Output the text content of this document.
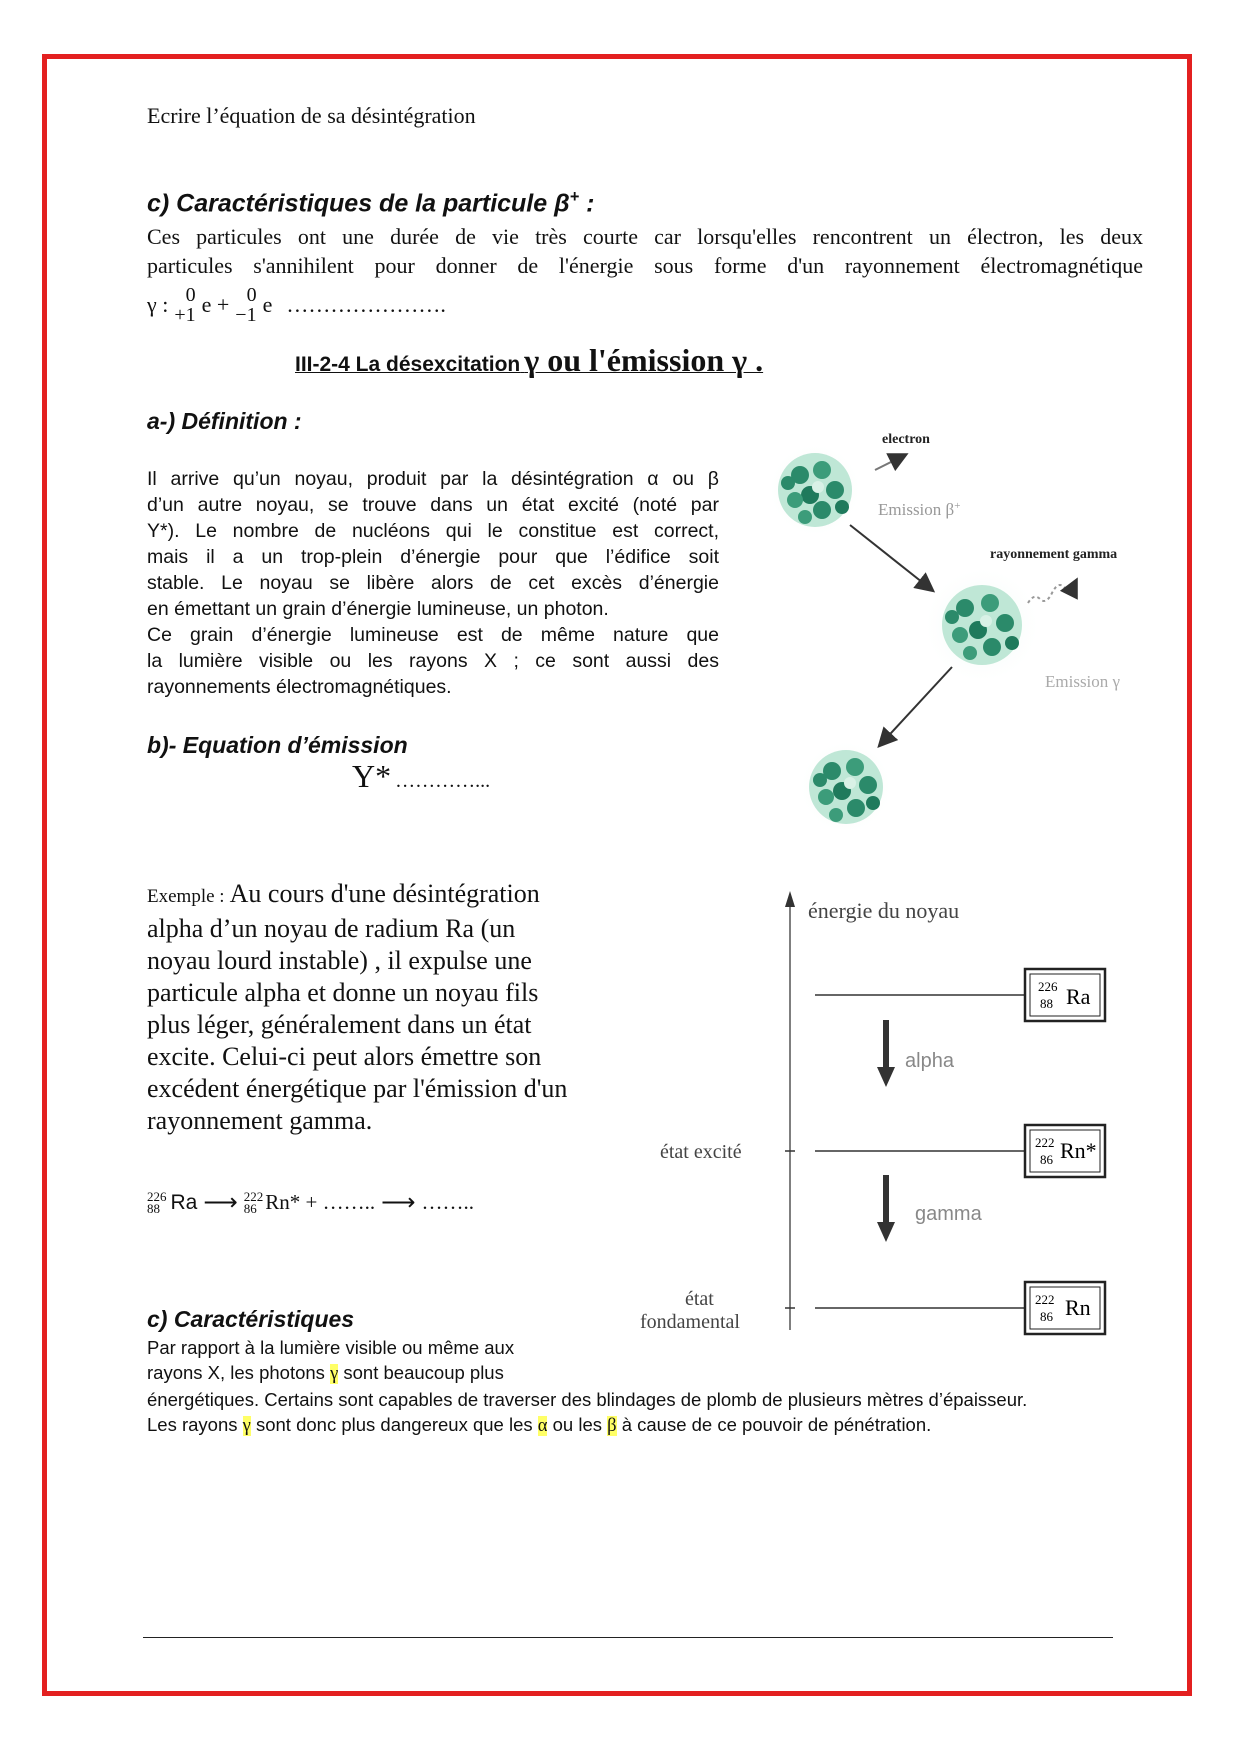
Ecrire l’équation de sa désintégration
c) Caractéristiques de la particule β+ :
Ces particules ont une durée de vie très courte car lorsqu'elles rencontrent un électron, les deux
particules s'annihilent pour donner de l'énergie sous forme d'un rayonnement électromagnétique
γ : 0
+1 e + 0
−1 e ………………….
III-2-4 La désexcitation γ ou l'émission γ .
a-) Définition :
Il arrive qu’un noyau, produit par la désintégration α ou β
d’un autre noyau, se trouve dans un état excité (noté par
Y*). Le nombre de nucléons qui le constitue est correct,
mais il a un trop-plein d’énergie pour que l’édifice soit
stable. Le noyau se libère alors de cet excès d’énergie
en émettant un grain d’énergie lumineuse, un photon.
Ce grain d’énergie lumineuse est de même nature que
la lumière visible ou les rayons X ; ce sont aussi des
rayonnements électromagnétiques.
b)- Equation d’émission
Y* …………...
electron
Emission β+
rayonnement gamma
Emission γ
Exemple : Au cours d'une désintégration
alpha d’un noyau de radium Ra (un
noyau lourd instable) , il expulse une
particule alpha et donne un noyau fils
plus léger, généralement dans un état
excite. Celui-ci peut alors émettre son
excédent énergétique par l'émission d'un
rayonnement gamma.
226
88 Ra ⟶ 222
86 Rn* + …….. ⟶ ……..
énergie du noyau
226
88 Ra
alpha
222
86 Rn*
état excité
gamma
222
86 Rn
état
fondamental
c) Caractéristiques
Par rapport à la lumière visible ou même aux
rayons X, les photons γ sont beaucoup plus
énergétiques. Certains sont capables de traverser des blindages de plomb de plusieurs mètres d’épaisseur.
Les rayons γ sont donc plus dangereux que les α ou les β à cause de ce pouvoir de pénétration.
